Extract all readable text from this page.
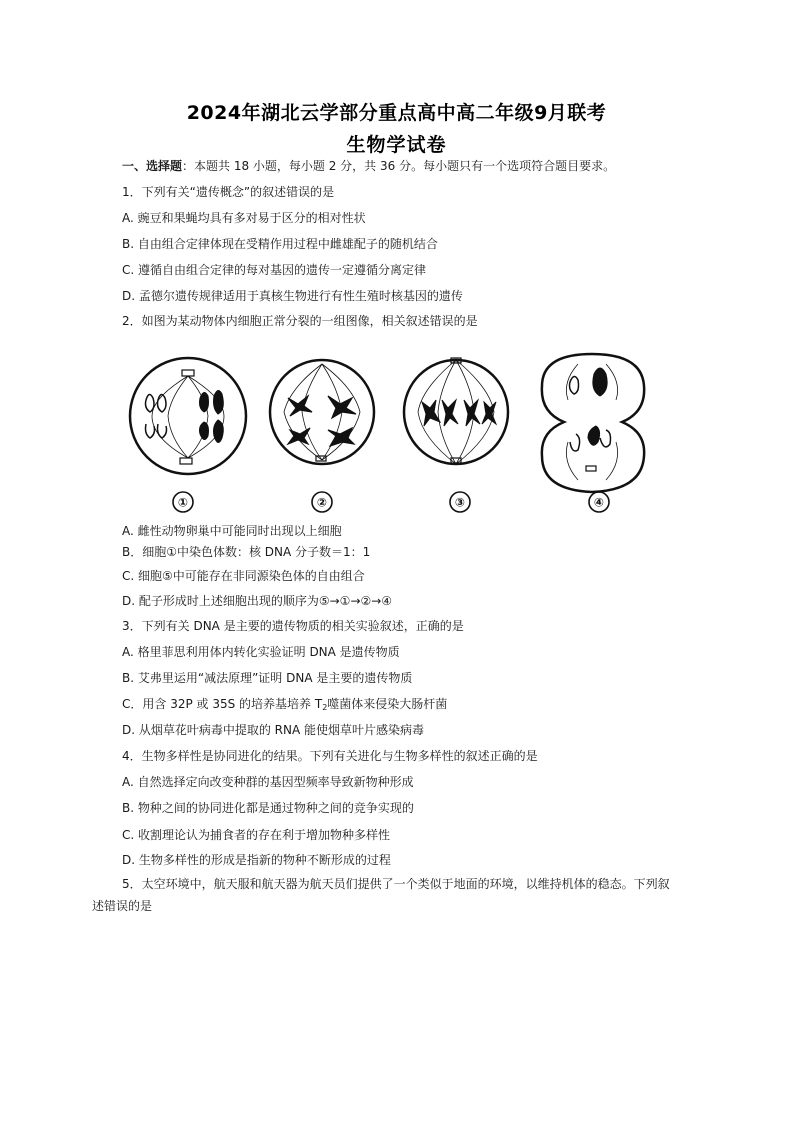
2024年湖北云学部分重点高中高二年级9月联考
生物学试卷
一、选择题：本题共 18 小题，每小题 2 分，共 36 分。每小题只有一个选项符合题目要求。
1．下列有关“遗传概念”的叙述错误的是
A. 豌豆和果蝇均具有多对易于区分的相对性状
B. 自由组合定律体现在受精作用过程中雌雄配子的随机结合
C. 遵循自由组合定律的每对基因的遗传一定遵循分离定律
D. 孟德尔遗传规律适用于真核生物进行有性生殖时核基因的遗传
2．如图为某动物体内细胞正常分裂的一组图像，相关叙述错误的是
①	②	③	④
A. 雌性动物卵巢中可能同时出现以上细胞
B．细胞①中染色体数：核 DNA 分子数＝1：1
C. 细胞⑤中可能存在非同源染色体的自由组合
D. 配子形成时上述细胞出现的顺序为⑤→①→②→④
3．下列有关 DNA 是主要的遗传物质的相关实验叙述，正确的是
A. 格里菲思利用体内转化实验证明 DNA 是遗传物质
B. 艾弗里运用“减法原理”证明 DNA 是主要的遗传物质
C．用含 32P 或 35S 的培养基培养 $T_2$噬菌体来侵染大肠杆菌
D. 从烟草花叶病毒中提取的 RNA 能使烟草叶片感染病毒
4．生物多样性是协同进化的结果。下列有关进化与生物多样性的叙述正确的是
A. 自然选择定向改变种群的基因型频率导致新物种形成
B. 物种之间的协同进化都是通过物种之间的竞争实现的
C. 收割理论认为捕食者的存在利于增加物种多样性
D. 生物多样性的形成是指新的物种不断形成的过程
5．太空环境中，航天服和航天器为航天员们提供了一个类似于地面的环境，以维持机体的稳态。下列叙
述错误的是
